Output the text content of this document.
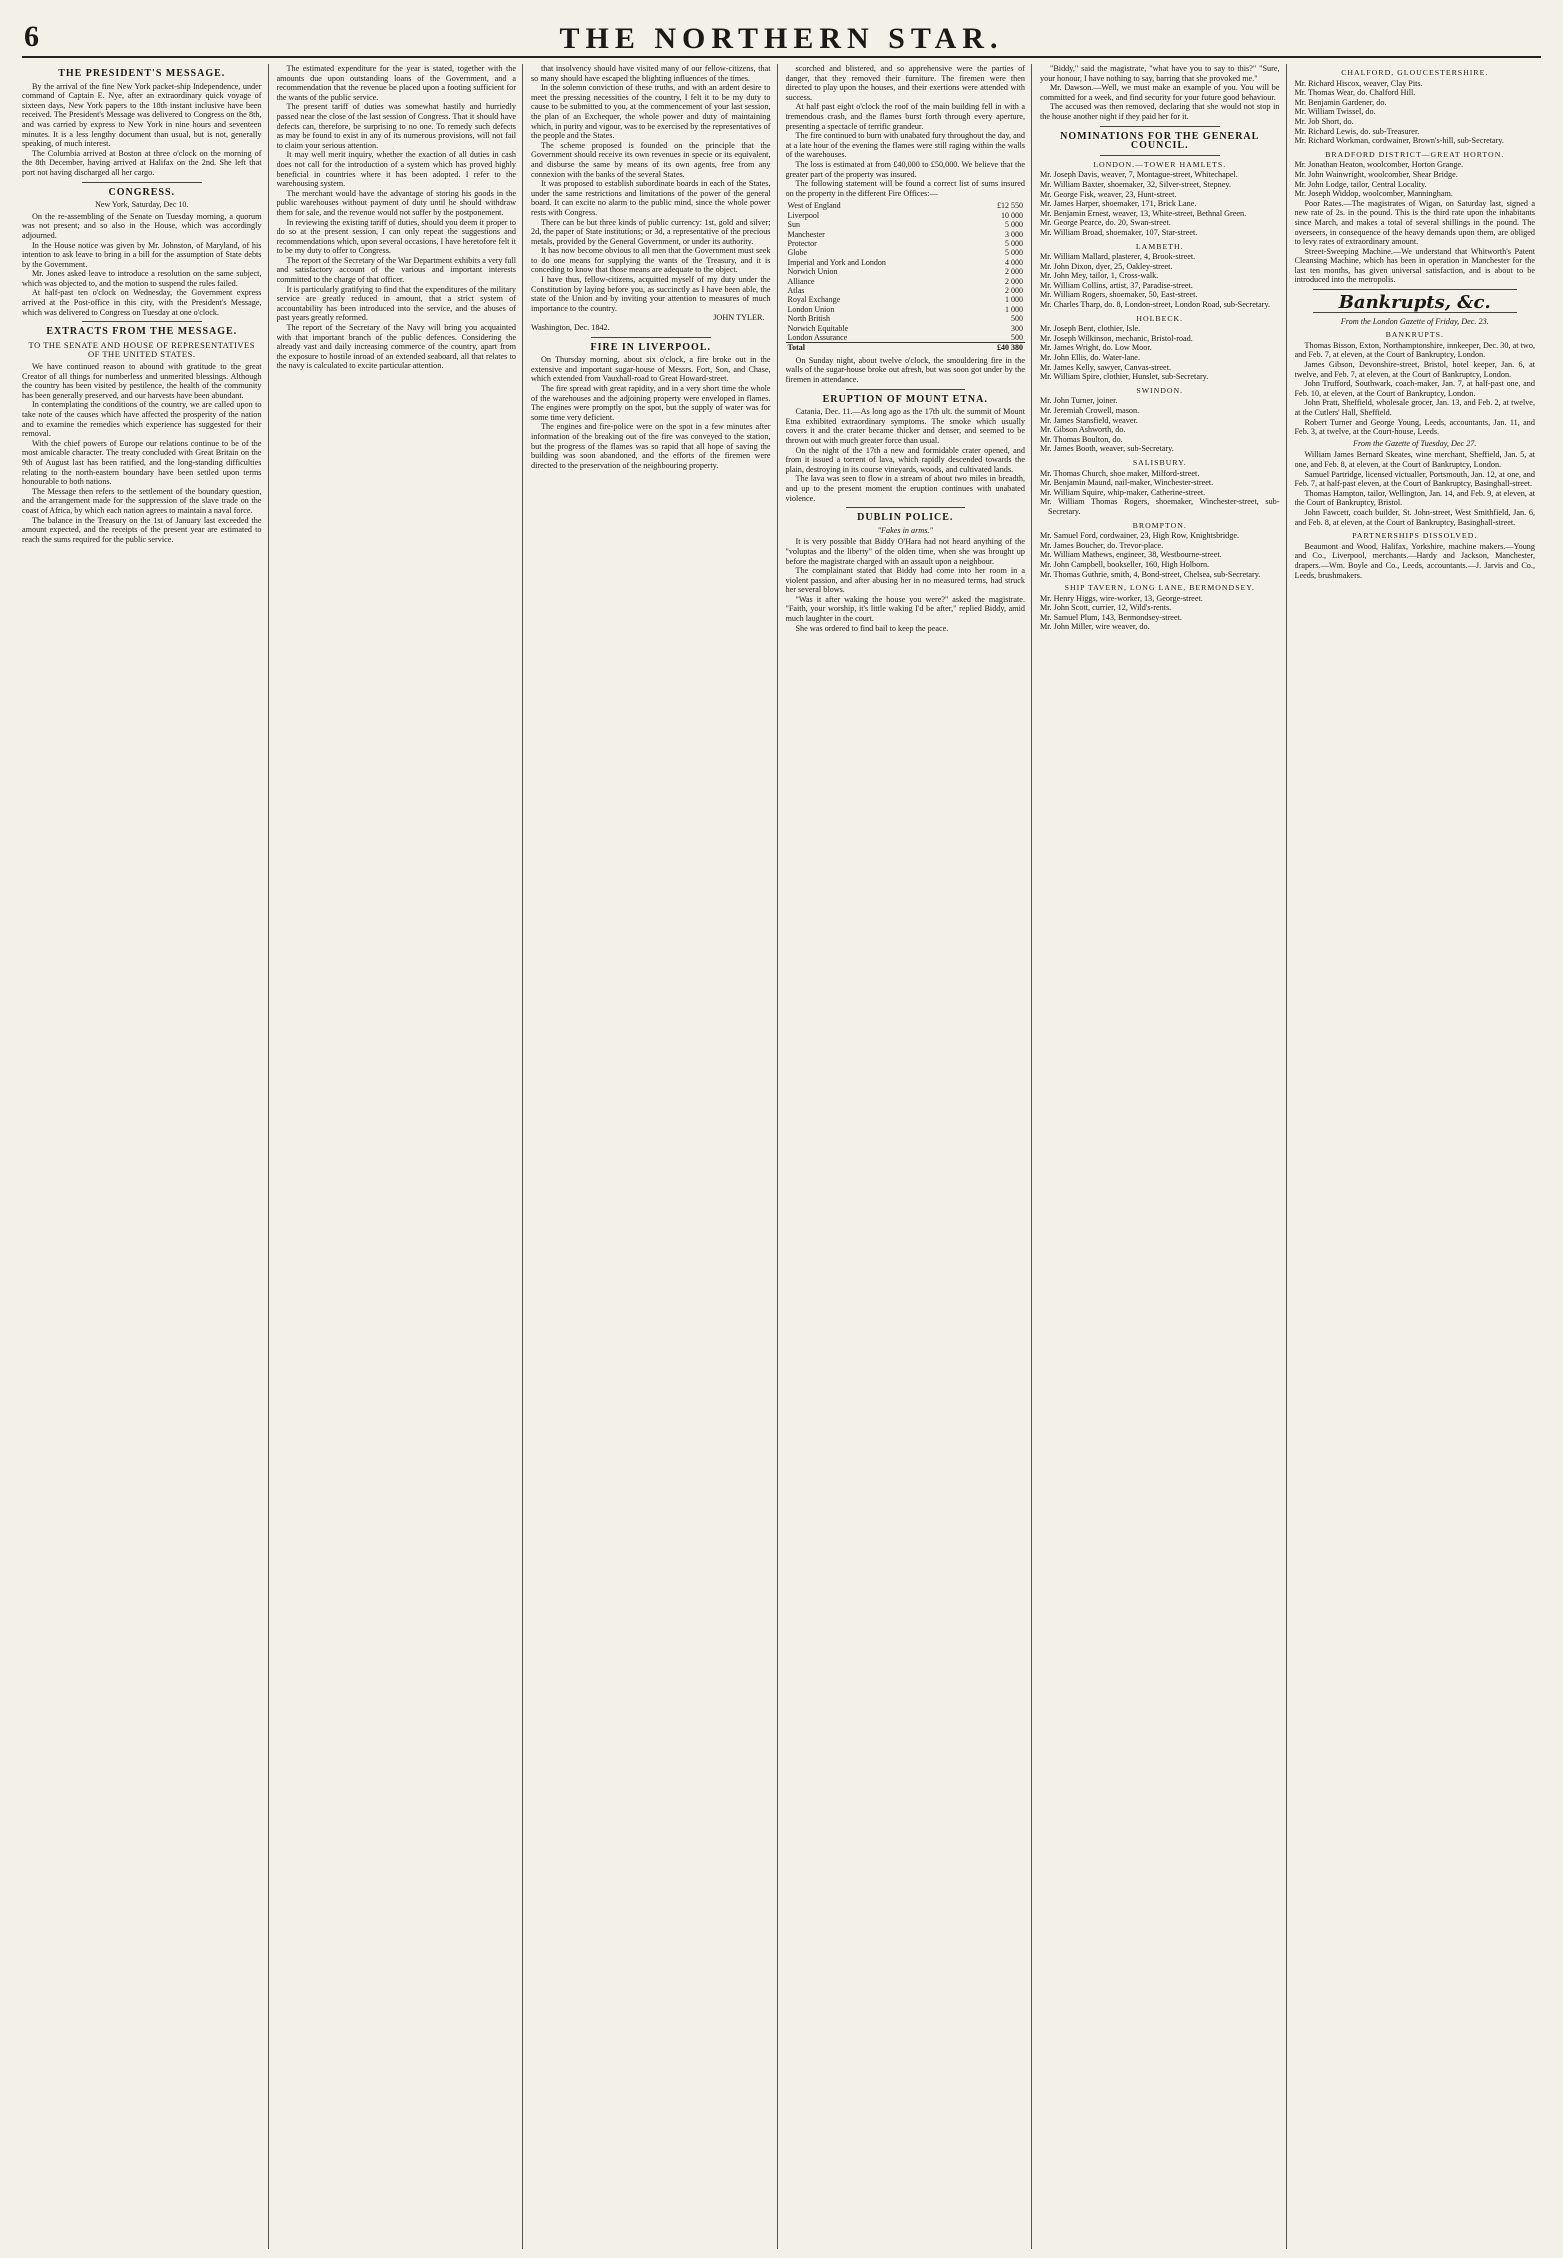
6	THE NORTHERN STAR.
THE PRESIDENT'S MESSAGE.

By the arrival of the fine New York packet-ship Independence, under command of Captain E. Nye, after an extraordinary quick voyage of sixteen days, New York papers to the 18th instant inclusive have been received. The President's Message was delivered to Congress on the 8th, and was carried by express to New York in nine hours and seventeen minutes. It is a less lengthy document than usual, but is not, generally speaking, of much interest.

The Columbia arrived at Boston at three o'clock on the morning of the 8th December, having arrived at Halifax on the 2nd. She left that port not having discharged all her cargo.

CONGRESS.
New York, Saturday, Dec 10.

On the re-assembling of the Senate on Tuesday morning, a quorum was not present; and so also in the House, which was accordingly adjourned.

In the House notice was given by Mr. Johnston, of Maryland, of his intention to ask leave to bring in a bill for the assumption of State debts by the Government.

Mr. Jones asked leave to introduce a resolution on the same subject, which was objected to, and the motion to suspend the rules failed.

At half-past ten o'clock on Wednesday, the Government express arrived at the Post-office in this city, with the President's Message, which was delivered to Congress on Tuesday at one o'clock.

EXTRACTS FROM THE MESSAGE.
TO THE SENATE AND HOUSE OF REPRESENTATIVES OF THE UNITED STATES.

We have continued reason to abound with gratitude to the great Creator of all things for numberless and unmerited blessings. Although the country has been visited by pestilence, the health of the community has been generally preserved, and our harvests have been abundant.

In contemplating the conditions of the country, we are called upon to take note of the causes which have affected the prosperity of the nation and to examine the remedies which experience has suggested for their removal.

With the chief powers of Europe our relations continue to be of the most amicable character. The treaty concluded with Great Britain on the 9th of August last has been ratified, and the long-standing difficulties relating to the north-eastern boundary have been settled upon terms honourable to both nations.

The Message then refers to the settlement of the boundary question, and the arrangement made for the suppression of the slave trade on the coast of Africa, by which each nation agrees to maintain a naval force.

The balance in the Treasury on the 1st of January last exceeded the amount expected, and the receipts of the present year are estimated to reach the sums required for the public service.

The estimated expenditure for the year is stated, together with the amounts due upon outstanding loans of the Government, and a recommendation that the revenue be placed upon a footing sufficient for the wants of the public service.

The present tariff of duties was somewhat hastily and hurriedly passed near the close of the last session of Congress. That it should have defects can, therefore, be surprising to no one. To remedy such defects as may be found to exist in any of its numerous provisions, will not fail to claim your serious attention.

It may well merit inquiry, whether the exaction of all duties in cash does not call for the introduction of a system which has proved highly beneficial in countries where it has been adopted. I refer to the warehousing system.

The merchant would have the advantage of storing his goods in the public warehouses without payment of duty until he should withdraw them for sale, and the revenue would not suffer by the postponement.

In reviewing the existing tariff of duties, should you deem it proper to do so at the present session, I can only repeat the suggestions and recommendations which, upon several occasions, I have heretofore felt it to be my duty to offer to Congress.

The report of the Secretary of the War Department exhibits a very full and satisfactory account of the various and important interests committed to the charge of that officer.

It is particularly gratifying to find that the expenditures of the military service are greatly reduced in amount, that a strict system of accountability has been introduced into the service, and the abuses of past years greatly reformed.

The report of the Secretary of the Navy will bring you acquainted with that important branch of the public defences. Considering the already vast and daily increasing commerce of the country, apart from the exposure to hostile inroad of an extended seaboard, all that relates to the navy is calculated to excite particular attention.

that insolvency should have visited many of our fellow-citizens, that so many should have escaped the blighting influences of the times.

In the solemn conviction of these truths, and with an ardent desire to meet the pressing necessities of the country, I felt it to be my duty to cause to be submitted to you, at the commencement of your last session, the plan of an Exchequer, the whole power and duty of maintaining which, in purity and vigour, was to be exercised by the representatives of the people and the States.

The scheme proposed is founded on the principle that the Government should receive its own revenues in specie or its equivalent, and disburse the same by means of its own agents, free from any connexion with the banks of the several States.

It was proposed to establish subordinate boards in each of the States, under the same restrictions and limitations of the power of the general board. It can excite no alarm to the public mind, since the whole power rests with Congress.

There can be but three kinds of public currency: 1st, gold and silver; 2d, the paper of State institutions; or 3d, a representative of the precious metals, provided by the General Government, or under its authority.

It has now become obvious to all men that the Government must seek to do one means for supplying the wants of the Treasury, and it is conceding to know that those means are adequate to the object.

I have thus, fellow-citizens, acquitted myself of my duty under the Constitution by laying before you, as succinctly as I have been able, the state of the Union and by inviting your attention to measures of much importance to the country.

JOHN TYLER.
Washington, Dec. 1842.
FIRE IN LIVERPOOL.

On Thursday morning, about six o'clock, a fire broke out in the extensive and important sugar-house of Messrs. Fort, Son, and Chase, which extended from Vauxhall-road to Great Howard-street.

The fire spread with great rapidity, and in a very short time the whole of the warehouses and the adjoining property were enveloped in flames. The engines were promptly on the spot, but the supply of water was for some time very deficient.

The engines and fire-police were on the spot in a few minutes after information of the breaking out of the fire was conveyed to the station, but the progress of the flames was so rapid that all hope of saving the building was soon abandoned, and the efforts of the firemen were directed to the preservation of the neighbouring property.

scorched and blistered, and so apprehensive were the parties of danger, that they removed their furniture. The firemen were then directed to play upon the houses, and their exertions were attended with success.

At half past eight o'clock the roof of the main building fell in with a tremendous crash, and the flames burst forth through every aperture, presenting a spectacle of terrific grandeur.

The fire continued to burn with unabated fury throughout the day, and at a late hour of the evening the flames were still raging within the walls of the warehouses.

The loss is estimated at from £40,000 to £50,000. We believe that the greater part of the property was insured.

The following statement will be found a correct list of sums insured on the property in the different Fire Offices:—

West of England	£12 550
Liverpool	10 000
Sun	5 000
Manchester	3 000
Protector	5 000
Globe	5 000
Imperial and York and London	4 000
Norwich Union	2 000
Alliance	2 000
Atlas	2 000
Royal Exchange	1 000
London Union	1 000
North British	500
Norwich Equitable	300
London Assurance	500
Total	£40 380

On Sunday night, about twelve o'clock, the smouldering fire in the walls of the sugar-house broke out afresh, but was soon got under by the firemen in attendance.

ERUPTION OF MOUNT ETNA.

Catania, Dec. 11.—As long ago as the 17th ult. the summit of Mount Etna exhibited extraordinary symptoms. The smoke which usually covers it and the crater became thicker and denser, and seemed to be thrown out with much greater force than usual.

On the night of the 17th a new and formidable crater opened, and from it issued a torrent of lava, which rapidly descended towards the plain, destroying in its course vineyards, woods, and cultivated lands.

The lava was seen to flow in a stream of about two miles in breadth, and up to the present moment the eruption continues with unabated violence.

DUBLIN POLICE.
"Fakes in arms."

It is very possible that Biddy O'Hara had not heard anything of the "voluptas and the liberty" of the olden time, when she was brought up before the magistrate charged with an assault upon a neighbour.

The complainant stated that Biddy had come into her room in a violent passion, and after abusing her in no measured terms, had struck her several blows.

"Was it after waking the house you were?" asked the magistrate. "Faith, your worship, it's little waking I'd be after," replied Biddy, amid much laughter in the court.

She was ordered to find bail to keep the peace.

"Biddy," said the magistrate, "what have you to say to this?" "Sure, your honour, I have nothing to say, barring that she provoked me."

Mr. Dawson.—Well, we must make an example of you. You will be committed for a week, and find security for your future good behaviour.

The accused was then removed, declaring that she would not stop in the house another night if they paid her for it.

NOMINATIONS FOR THE GENERAL COUNCIL.
LONDON.—TOWER HAMLETS.

Mr. Joseph Davis, weaver, 7, Montague-street, Whitechapel.

Mr. William Baxter, shoemaker, 32, Silver-street, Stepney.

Mr. George Fisk, weaver, 23, Hunt-street.

Mr. James Harper, shoemaker, 171, Brick Lane.

Mr. Benjamin Ernest, weaver, 13, White-street, Bethnal Green.

Mr. George Pearce, do. 20, Swan-street.

Mr. William Broad, shoemaker, 107, Star-street.

LAMBETH.

Mr. William Mallard, plasterer, 4, Brook-street.

Mr. John Dixon, dyer, 25, Oakley-street.

Mr. John Mey, tailor, 1, Cross-walk.

Mr. William Collins, artist, 37, Paradise-street.

Mr. William Rogers, shoemaker, 50, East-street.

Mr. Charles Tharp, do. 8, London-street, London Road, sub-Secretary.

HOLBECK.

Mr. Joseph Bent, clothier, Isle.

Mr. Joseph Wilkinson, mechanic, Bristol-road.

Mr. James Wright, do. Low Moor.

Mr. John Ellis, do. Water-lane.

Mr. James Kelly, sawyer, Canvas-street.

Mr. William Spire, clothier, Hunslet, sub-Secretary.

SWINDON.

Mr. John Turner, joiner.

Mr. Jeremiah Crowell, mason.

Mr. James Stansfield, weaver.

Mr. Gibson Ashworth, do.

Mr. Thomas Boulton, do.

Mr. James Booth, weaver, sub-Secretary.

SALISBURY.

Mr. Thomas Church, shoe maker, Milford-street.

Mr. Benjamin Maund, nail-maker, Winchester-street.

Mr. William Squire, whip-maker, Catherine-street.

Mr. William Thomas Rogers, shoemaker, Winchester-street, sub-Secretary.

BROMPTON.

Mr. Samuel Ford, cordwainer, 23, High Row, Knightsbridge.

Mr. James Boucher, do. Trevor-place.

Mr. William Mathews, engineer, 38, Westbourne-street.

Mr. John Campbell, bookseller, 160, High Holborn.

Mr. Thomas Guthrie, smith, 4, Bond-street, Chelsea, sub-Secretary.

SHIP TAVERN, LONG LANE, BERMONDSEY.

Mr. Henry Higgs, wire-worker, 13, George-street.

Mr. John Scott, currier, 12, Wild's-rents.

Mr. Samuel Plum, 143, Bermondsey-street.

Mr. John Miller, wire weaver, do.

CHALFORD, GLOUCESTERSHIRE.

Mr. Richard Hiscox, weaver, Clay Pits.

Mr. Thomas Wear, do. Chalford Hill.

Mr. Benjamin Gardener, do.

Mr. William Twissel, do.

Mr. Job Short, do.

Mr. Richard Lewis, do. sub-Treasurer.

Mr. Richard Workman, cordwainer, Brown's-hill, sub-Secretary.

BRADFORD DISTRICT—GREAT HORTON.

Mr. Jonathan Heaton, woolcomber, Horton Grange.

Mr. John Wainwright, woolcomber, Shear Bridge.

Mr. John Lodge, tailor, Central Locality.

Mr. Joseph Widdop, woolcomber, Manningham.

Poor Rates.—The magistrates of Wigan, on Saturday last, signed a new rate of 2s. in the pound. This is the third rate upon the inhabitants since March, and makes a total of several shillings in the pound. The overseers, in consequence of the heavy demands upon them, are obliged to levy rates of extraordinary amount.

Street-Sweeping Machine.—We understand that Whitworth's Patent Cleansing Machine, which has been in operation in Manchester for the last ten months, has given universal satisfaction, and is about to be introduced into the metropolis.

Bankrupts, &c.
From the London Gazette of Friday, Dec. 23.
BANKRUPTS.

Thomas Bisson, Exton, Northamptonshire, innkeeper, Dec. 30, at two, and Feb. 7, at eleven, at the Court of Bankruptcy, London.

James Gibson, Devonshire-street, Bristol, hotel keeper, Jan. 6, at twelve, and Feb. 7, at eleven, at the Court of Bankruptcy, London.

John Trufford, Southwark, coach-maker, Jan. 7, at half-past one, and Feb. 10, at eleven, at the Court of Bankruptcy, London.

John Pratt, Sheffield, wholesale grocer, Jan. 13, and Feb. 2, at twelve, at the Cutlers' Hall, Sheffield.

Robert Turner and George Young, Leeds, accountants, Jan. 11, and Feb. 3, at twelve, at the Court-house, Leeds.

From the Gazette of Tuesday, Dec 27.

William James Bernard Skeates, wine merchant, Sheffield, Jan. 5, at one, and Feb. 8, at eleven, at the Court of Bankruptcy, London.

Samuel Partridge, licensed victualler, Portsmouth, Jan. 12, at one, and Feb. 7, at half-past eleven, at the Court of Bankruptcy, Basinghall-street.

Thomas Hampton, tailor, Wellington, Jan. 14, and Feb. 9, at eleven, at the Court of Bankruptcy, Bristol.

John Fawcett, coach builder, St. John-street, West Smithfield, Jan. 6, and Feb. 8, at eleven, at the Court of Bankruptcy, Basinghall-street.

PARTNERSHIPS DISSOLVED.

Beaumont and Wood, Halifax, Yorkshire, machine makers.—Young and Co., Liverpool, merchants.—Hardy and Jackson, Manchester, drapers.—Wm. Boyle and Co., Leeds, accountants.—J. Jarvis and Co., Leeds, brushmakers.
